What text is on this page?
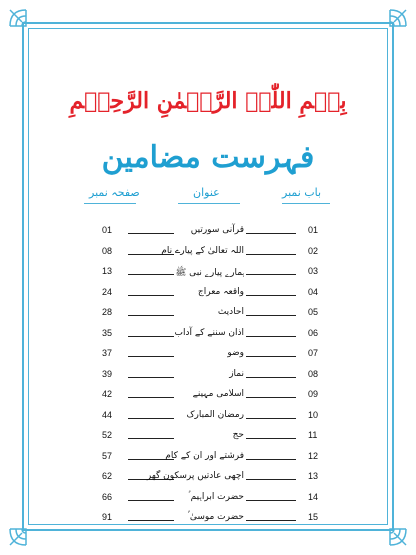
بِسۡمِ اللّٰہِ الرَّحۡمٰنِ الرَّحِیۡمِ
فہرست مضامین
صفحہ نمبر	عنوان	باب نمبر
01	قرآنی سورتیں	01
08	اللہ تعالیٰ کے پیارے نام	02
13	ہمارے پیارے نبی ﷺ	03
24	واقعہ معراج	04
28	احادیث	05
35	اذان سننے کے آداب	06
37	وضو	07
39	نماز	08
42	اسلامی مہینے	09
44	رمضان المبارک	10
52	حج	11
57	فرشتے اور ان کے کام	12
62	اچھی عادتیں پرسکون گھر	13
66	حضرت ابراہیم ؑ	14
91	حضرت موسیٰ ؑ	15
